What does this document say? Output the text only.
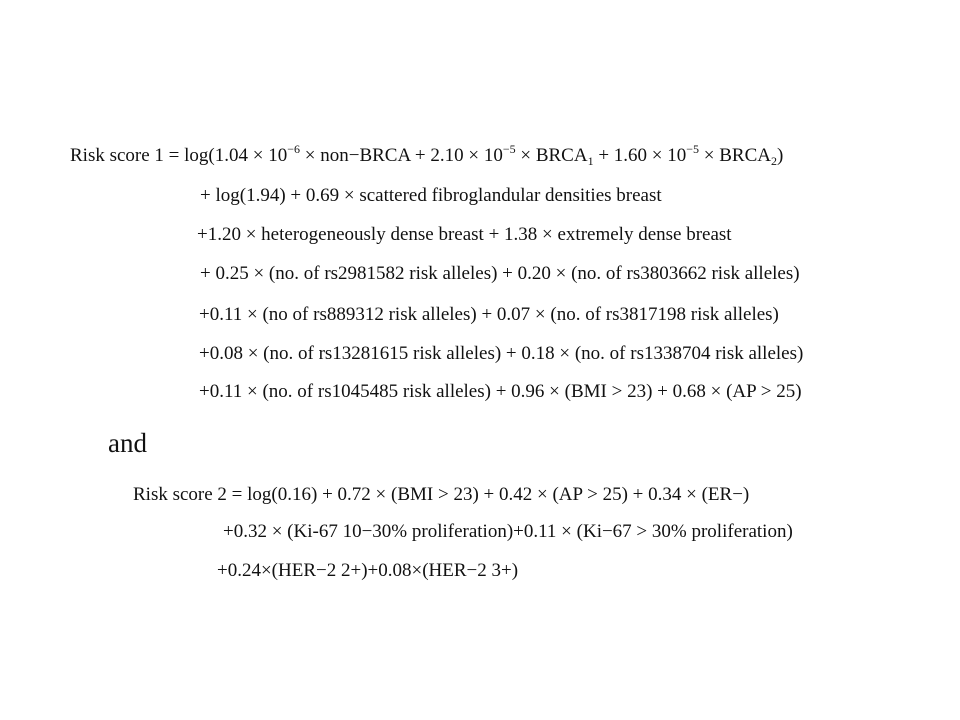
Risk score $1 = \log(1.04 \times 10^{-6}$ × non−BRCA + $2.10 \times 10^{-5}$ × $BRCA_1 + 1.60 \times 10^{-5}$ × $BRCA_2$)
+ log(1.94) + 0.69 × scattered fibroglandular densities breast
+1.20 × heterogeneously dense breast + 1.38 × extremely dense breast
+ 0.25 × (no. of rs2981582 risk alleles) + 0.20 × (no. of rs3803662 risk alleles)
+0.11 × (no of rs889312 risk alleles) + 0.07 × (no. of rs3817198 risk alleles)
+0.08 × (no. of rs13281615 risk alleles) + 0.18 × (no. of rs1338704 risk alleles)
+0.11 × (no. of rs1045485 risk alleles) + 0.96 × (BMI > 23) + 0.68 × (AP > 25)
and
Risk score 2 = log(0.16) + 0.72 × (BMI > 23) + 0.42 × (AP > 25) + 0.34 × (ER−)
+0.32 × (Ki-67 10−30% proliferation)+0.11 × (Ki−67 > 30% proliferation)
+0.24×(HER−2 2+)+0.08×(HER−2 3+)
